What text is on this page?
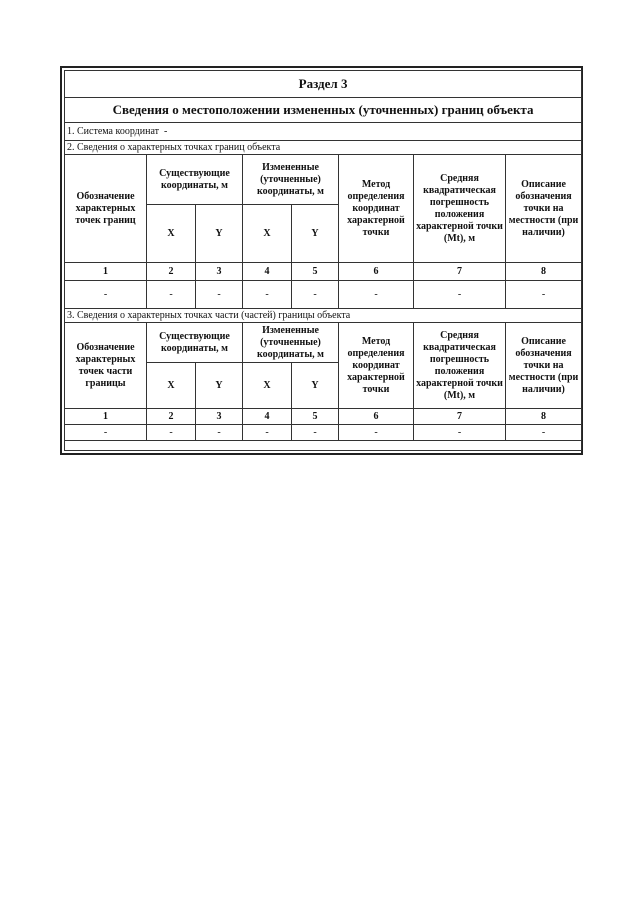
Раздел 3							
Сведения о местоположении измененных (уточненных) границ объекта							
1. Система координат -							
2. Сведения о характерных точках границ объекта							
Обозначение характерных точек границ	Существующие координаты, м		Измененные (уточненные) координаты, м		Метод определения координат характерной точки	Средняя квадратическая погрешность положения характерной точки (Mt), м	Описание обозначения точки на местности (при наличии)
	X	Y	X	Y			
1	2	3	4	5	6	7	8
-	-	-	-	-	-	-	-
3. Сведения о характерных точках части (частей) границы объекта							
Обозначение характерных точек части границы	Существующие координаты, м		Измененные (уточненные) координаты, м		Метод определения координат характерной точки	Средняя квадратическая погрешность положения характерной точки (Mt), м	Описание обозначения точки на местности (при наличии)
	X	Y	X	Y			
1	2	3	4	5	6	7	8
-	-	-	-	-	-	-	-
